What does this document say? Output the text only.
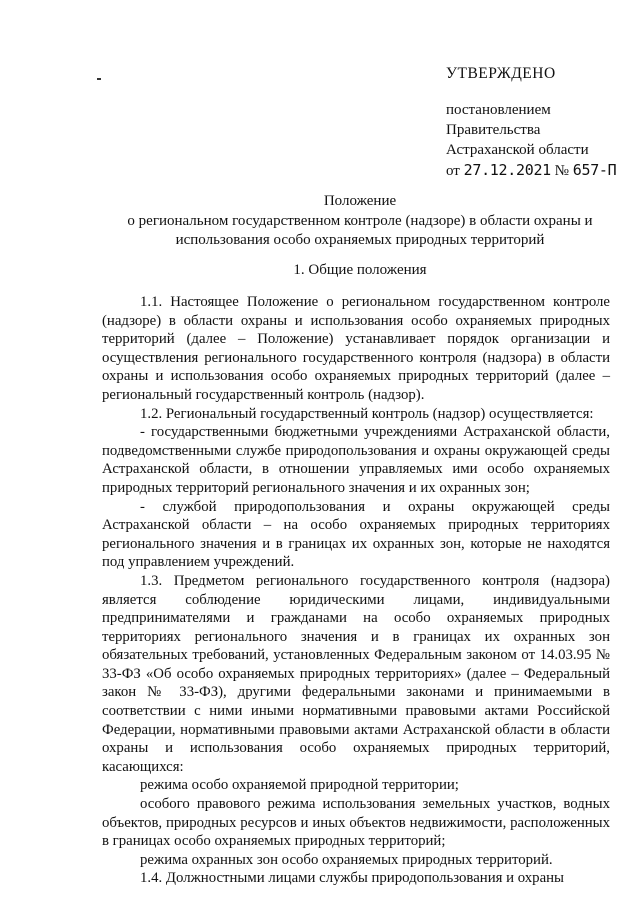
УТВЕРЖДЕНО
постановлением
Правительства
Астраханской области
от 27.12.2021 № 657-П
Положение
о региональном государственном контроле (надзоре) в области охраны и
использования особо охраняемых природных территорий
1. Общие положения

1.1. Настоящее Положение о региональном государственном контроле (надзоре) в области охраны и использования особо охраняемых природных территорий (далее – Положение) устанавливает порядок организации и осуществления регионального государственного контроля (надзора) в области охраны и использования особо охраняемых природных территорий (далее – региональный государственный контроль (надзор).

1.2. Региональный государственный контроль (надзор) осуществляется:

- государственными бюджетными учреждениями Астраханской области, подведомственными службе природопользования и охраны окружающей среды Астраханской области, в отношении управляемых ими особо охраняемых природных территорий регионального значения и их охранных зон;

- службой природопользования и охраны окружающей среды Астраханской области – на особо охраняемых природных территориях регионального значения и в границах их охранных зон, которые не находятся под управлением учреждений.

1.3. Предметом регионального государственного контроля (надзора) является соблюдение юридическими лицами, индивидуальными предпринимателями и гражданами на особо охраняемых природных территориях регионального значения и в границах их охранных зон обязательных требований, установленных Федеральным законом от 14.03.95 № 33-ФЗ «Об особо охраняемых природных территориях» (далее – Федеральный закон № 33-ФЗ), другими федеральными законами и принимаемыми в соответствии с ними иными нормативными правовыми актами Российской Федерации, нормативными правовыми актами Астраханской области в области охраны и использования особо охраняемых природных территорий, касающихся:

режима особо охраняемой природной территории;

особого правового режима использования земельных участков, водных объектов, природных ресурсов и иных объектов недвижимости, расположенных в границах особо охраняемых природных территорий;

режима охранных зон особо охраняемых природных территорий.

1.4. Должностными лицами службы природопользования и охраны
